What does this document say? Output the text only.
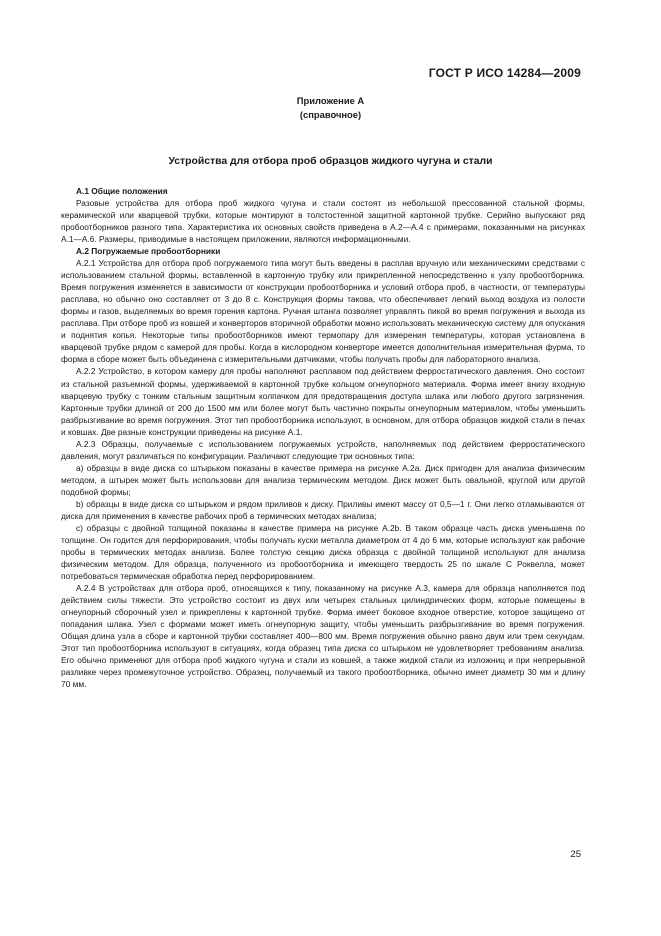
ГОСТ Р ИСО 14284—2009
Приложение А
(справочное)
Устройства для отбора проб образцов жидкого чугуна и стали

А.1 Общие положения

Разовые устройства для отбора проб жидкого чугуна и стали состоят из небольшой прессованной стальной формы, керамической или кварцевой трубки, которые монтируют в толстостенной защитной картонной трубке. Серийно выпускают ряд пробоотборников разного типа. Характеристика их основных свойств приведена в А.2—А.4 с примерами, показанными на рисунках А.1—А.6. Размеры, приводимые в настоящем приложении, являются информационными.

А.2 Погружаемые пробоотборники

А.2.1 Устройства для отбора проб погружаемого типа могут быть введены в расплав вручную или механическими средствами с использованием стальной формы, вставленной в картонную трубку или прикрепленной непосредственно к узлу пробоотборника. Время погружения изменяется в зависимости от конструкции пробоотборника и условий отбора проб, в частности, от температуры расплава, но обычно оно составляет от 3 до 8 с. Конструкция формы такова, что обеспечивает легкий выход воздуха из полости формы и газов, выделяемых во время горения картона. Ручная штанга позволяет управлять пикой во время погружения и выхода из расплава. При отборе проб из ковшей и конверторов вторичной обработки можно использовать механическую систему для опускания и поднятия копья. Некоторые типы пробоотборников имеют термопару для измерения температуры, которая установлена в кварцевой трубке рядом с камерой для пробы. Когда в кислородном конверторе имеется дополнительная измерительная фурма, то форма в сборе может быть объединена с измерительными датчиками, чтобы получать пробы для лабораторного анализа.

А.2.2 Устройство, в котором камеру для пробы наполняют расплавом под действием ферростатического давления. Оно состоит из стальной разъемной формы, удерживаемой в картонной трубке кольцом огнеупорного материала. Форма имеет внизу входную кварцевую трубку с тонким стальным защитным колпачком для предотвращения доступа шлака или любого другого загрязнения. Картонные трубки длиной от 200 до 1500 мм или более могут быть частично покрыты огнеупорным материалом, чтобы уменьшить разбрызгивание во время погружения. Этот тип пробоотборника используют, в основном, для отбора образцов жидкой стали в печах и ковшах. Две разные конструкции приведены на рисунке А.1.

А.2.3 Образцы, получаемые с использованием погружаемых устройств, наполняемых под действием ферростатического давления, могут различаться по конфигурации. Различают следующие три основных типа:

a) образцы в виде диска со штырьком показаны в качестве примера на рисунке А.2а. Диск пригоден для анализа физическим методом, а штырек может быть использован для анализа термическим методом. Диск может быть овальной, круглой или другой подобной формы;

b) образцы в виде диска со штырьком и рядом приливов к диску. Приливы имеют массу от 0,5—1 г. Они легко отламываются от диска для применения в качестве рабочих проб в термических методах анализа;

c) образцы с двойной толщиной показаны в качестве примера на рисунке А.2b. В таком образце часть диска уменьшена по толщине. Он годится для перфорирования, чтобы получать куски металла диаметром от 4 до 6 мм, которые используют как рабочие пробы в термических методах анализа. Более толстую секцию диска образца с двойной толщиной используют для анализа физическим методом. Для образца, полученного из пробоотборника и имеющего твердость 25 по шкале С Роквелла, может потребоваться термическая обработка перед перфорированием.

А.2.4 В устройствах для отбора проб, относящихся к типу, показанному на рисунке А.3, камера для образца наполняется под действием силы тяжести. Это устройство состоит из двух или четырех стальных цилиндрических форм, которые помещены в огнеупорный сборочный узел и прикреплены к картонной трубке. Форма имеет боковое входное отверстие, которое защищено от попадания шлака. Узел с формами может иметь огнеупорную защиту, чтобы уменьшить разбрызгивание во время погружения. Общая длина узла в сборе и картонной трубки составляет 400—800 мм. Время погружения обычно равно двум или трем секундам. Этот тип пробоотборника используют в ситуациях, когда образец типа диска со штырьком не удовлетворяет требованиям анализа. Его обычно применяют для отбора проб жидкого чугуна и стали из ковшей, а также жидкой стали из изложниц и при непрерывной разливке через промежуточное устройство. Образец, получаемый из такого пробоотборника, обычно имеет диаметр 30 мм и длину 70 мм.

25
